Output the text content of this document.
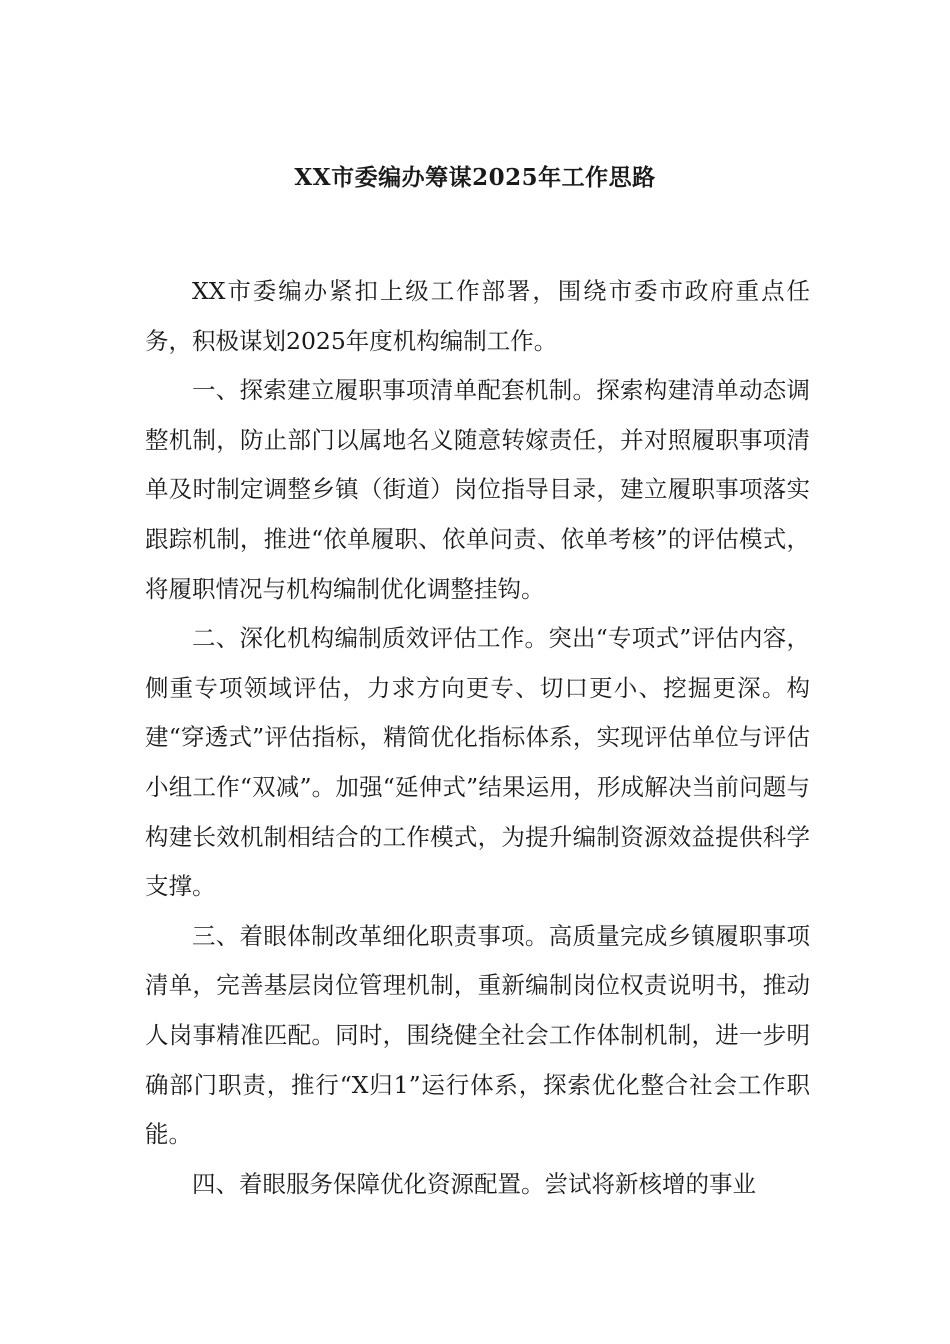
XX市委编办筹谋2025年工作思路

XX市委编办紧扣上级工作部署，围绕市委市政府重点任务，积极谋划2025年度机构编制工作。

一、探索建立履职事项清单配套机制。探索构建清单动态调整机制，防止部门以属地名义随意转嫁责任，并对照履职事项清单及时制定调整乡镇（街道）岗位指导目录，建立履职事项落实跟踪机制，推进“依单履职、依单问责、依单考核”的评估模式，将履职情况与机构编制优化调整挂钩。

二、深化机构编制质效评估工作。突出“专项式”评估内容，侧重专项领域评估，力求方向更专、切口更小、挖掘更深。构建“穿透式”评估指标，精简优化指标体系，实现评估单位与评估小组工作“双减”。加强“延伸式”结果运用，形成解决当前问题与构建长效机制相结合的工作模式，为提升编制资源效益提供科学支撑。

三、着眼体制改革细化职责事项。高质量完成乡镇履职事项清单，完善基层岗位管理机制，重新编制岗位权责说明书，推动人岗事精准匹配。同时，围绕健全社会工作体制机制，进一步明确部门职责，推行“X归1”运行体系，探索优化整合社会工作职能。

四、着眼服务保障优化资源配置。尝试将新核增的事业
